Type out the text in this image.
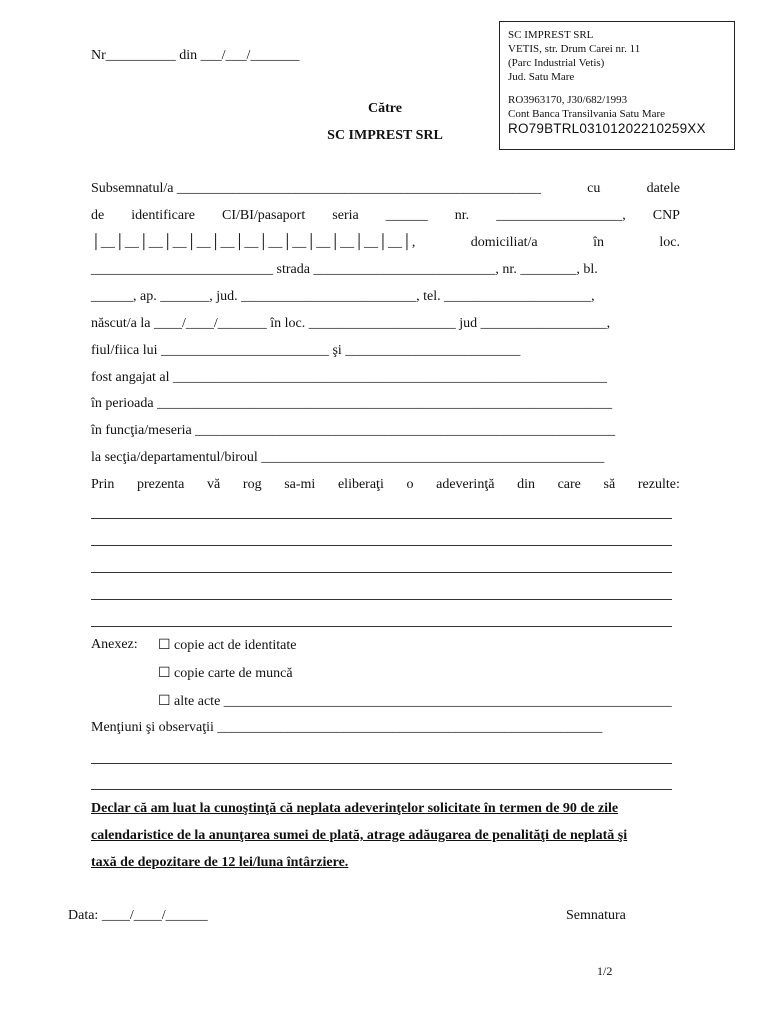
Nr__________ din ___/___/_______
SC IMPREST SRL
VETIS, str. Drum Carei nr. 11
(Parc Industrial Vetis)
Jud. Satu Mare
RO3963170, J30/682/1993
Cont Banca Transilvania Satu Mare
RO79BTRL03101202210259XX
Către
SC IMPREST SRL
Subsemnatul/a ____________________________________________________	cu	datele
de identificare CI/BI/pasaport seria ______ nr. __________________, CNP
│__│__│__│__│__│__│__│__│__│__│__│__│__│,	domiciliat/a	în	loc.
__________________________ strada __________________________, nr. ________, bl.
______, ap. _______, jud. _________________________, tel. _____________________,
născut/a la ____/____/_______ în loc. _____________________ jud __________________,
fiul/fiica lui ________________________ şi _________________________
fost angajat al ______________________________________________________________
în perioada _________________________________________________________________
în funcţia/meseria ____________________________________________________________
la secţia/departamentul/biroul _________________________________________________
Prin prezenta vă rog sa-mi eliberaţi o adeverinţă din care să rezulte:
Anexez: ☐ copie act de identitate
☐ copie carte de muncă
☐ alte acte ________________________________________________________________
Menţiuni şi observaţii _______________________________________________________
Declar că am luat la cunoştinţă că neplata adeverinţelor solicitate în termen de 90 de zile
calendaristice de la anunţarea sumei de plată, atrage adăugarea de penalităţi de neplată şi
taxă de depozitare de 12 lei/luna întârziere.
Data: ____/____/______	Semnatura
1/2
